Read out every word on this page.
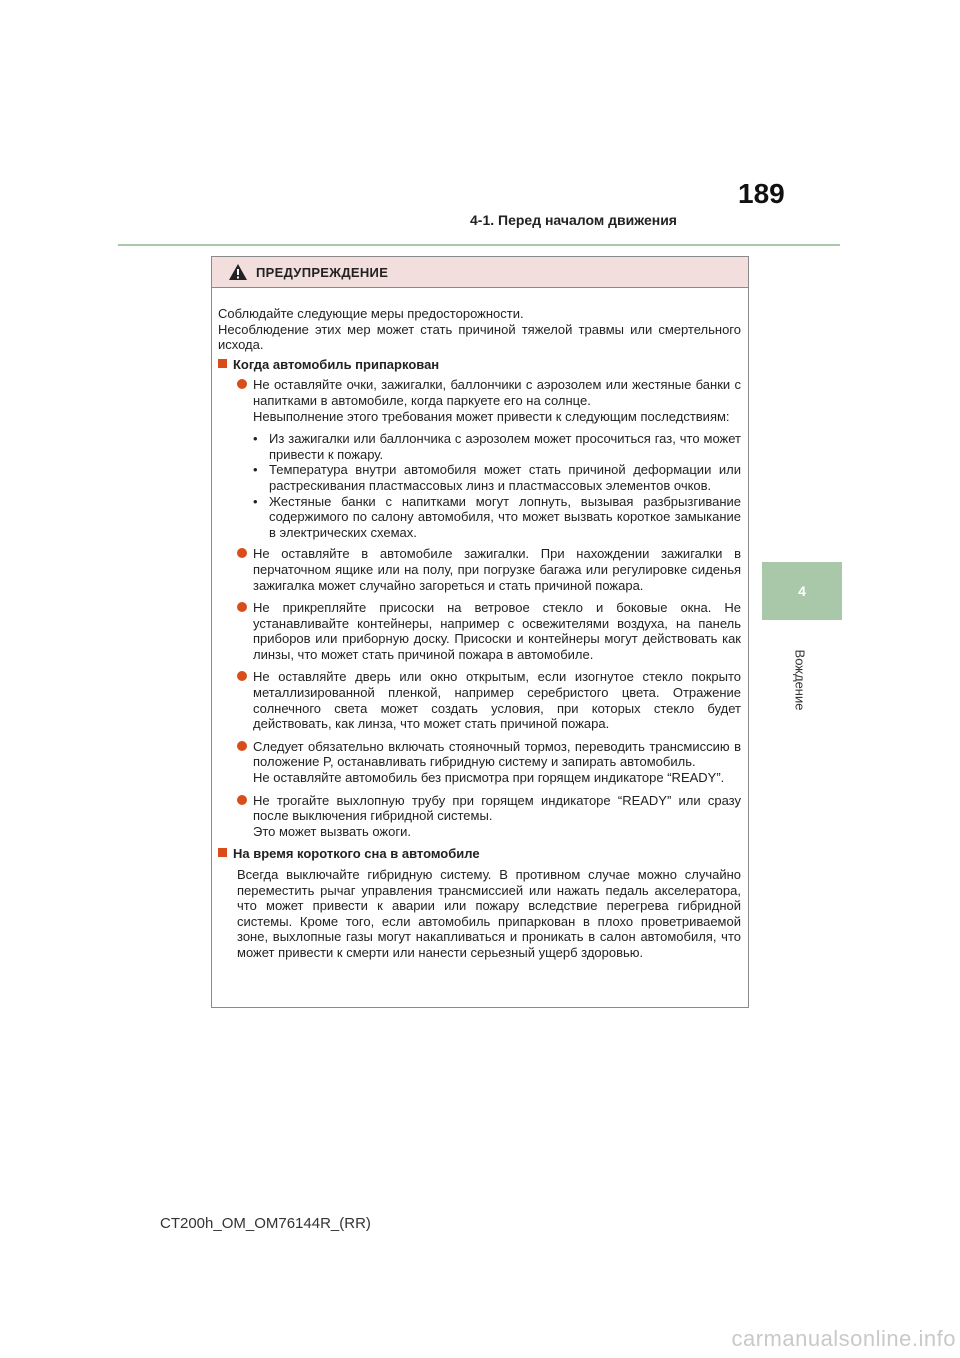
189
4-1. Перед началом движения
4
Вождение
ПРЕДУПРЕЖДЕНИЕ
Соблюдайте следующие меры предосторожности.
Несоблюдение этих мер может стать причиной тяжелой травмы или смертельного исхода.
Когда автомобиль припаркован
Не оставляйте очки, зажигалки, баллончики с аэрозолем или жестяные банки с напитками в автомобиле, когда паркуете его на солнце.
Невыполнение этого требования может привести к следующим последствиям:
• Из зажигалки или баллончика с аэрозолем может просочиться газ, что может привести к пожару.
• Температура внутри автомобиля может стать причиной деформации или растрескивания пластмассовых линз и пластмассовых элементов очков.
• Жестяные банки с напитками могут лопнуть, вызывая разбрызгивание содержимого по салону автомобиля, что может вызвать короткое замыкание в электрических схемах.
Не оставляйте в автомобиле зажигалки. При нахождении зажигалки в перчаточном ящике или на полу, при погрузке багажа или регулировке сиденья зажигалка может случайно загореться и стать причиной пожара.
Не прикрепляйте присоски на ветровое стекло и боковые окна. Не устанавливайте контейнеры, например с освежителями воздуха, на панель приборов или приборную доску. Присоски и контейнеры могут действовать как линзы, что может стать причиной пожара в автомобиле.
Не оставляйте дверь или окно открытым, если изогнутое стекло покрыто металлизированной пленкой, например серебристого цвета. Отражение солнечного света может создать условия, при которых стекло будет действовать, как линза, что может стать причиной пожара.
Следует обязательно включать стояночный тормоз, переводить трансмиссию в положение P, останавливать гибридную систему и запирать автомобиль.
Не оставляйте автомобиль без присмотра при горящем индикаторе “READY”.
Не трогайте выхлопную трубу при горящем индикаторе “READY” или сразу после выключения гибридной системы.
Это может вызвать ожоги.
На время короткого сна в автомобиле
Всегда выключайте гибридную систему. В противном случае можно случайно переместить рычаг управления трансмиссией или нажать педаль акселератора, что может привести к аварии или пожару вследствие перегрева гибридной системы. Кроме того, если автомобиль припаркован в плохо проветриваемой зоне, выхлопные газы могут накапливаться и проникать в салон автомобиля, что может привести к смерти или нанести серьезный ущерб здоровью.
CT200h_OM_OM76144R_(RR)
carmanualsonline.info
